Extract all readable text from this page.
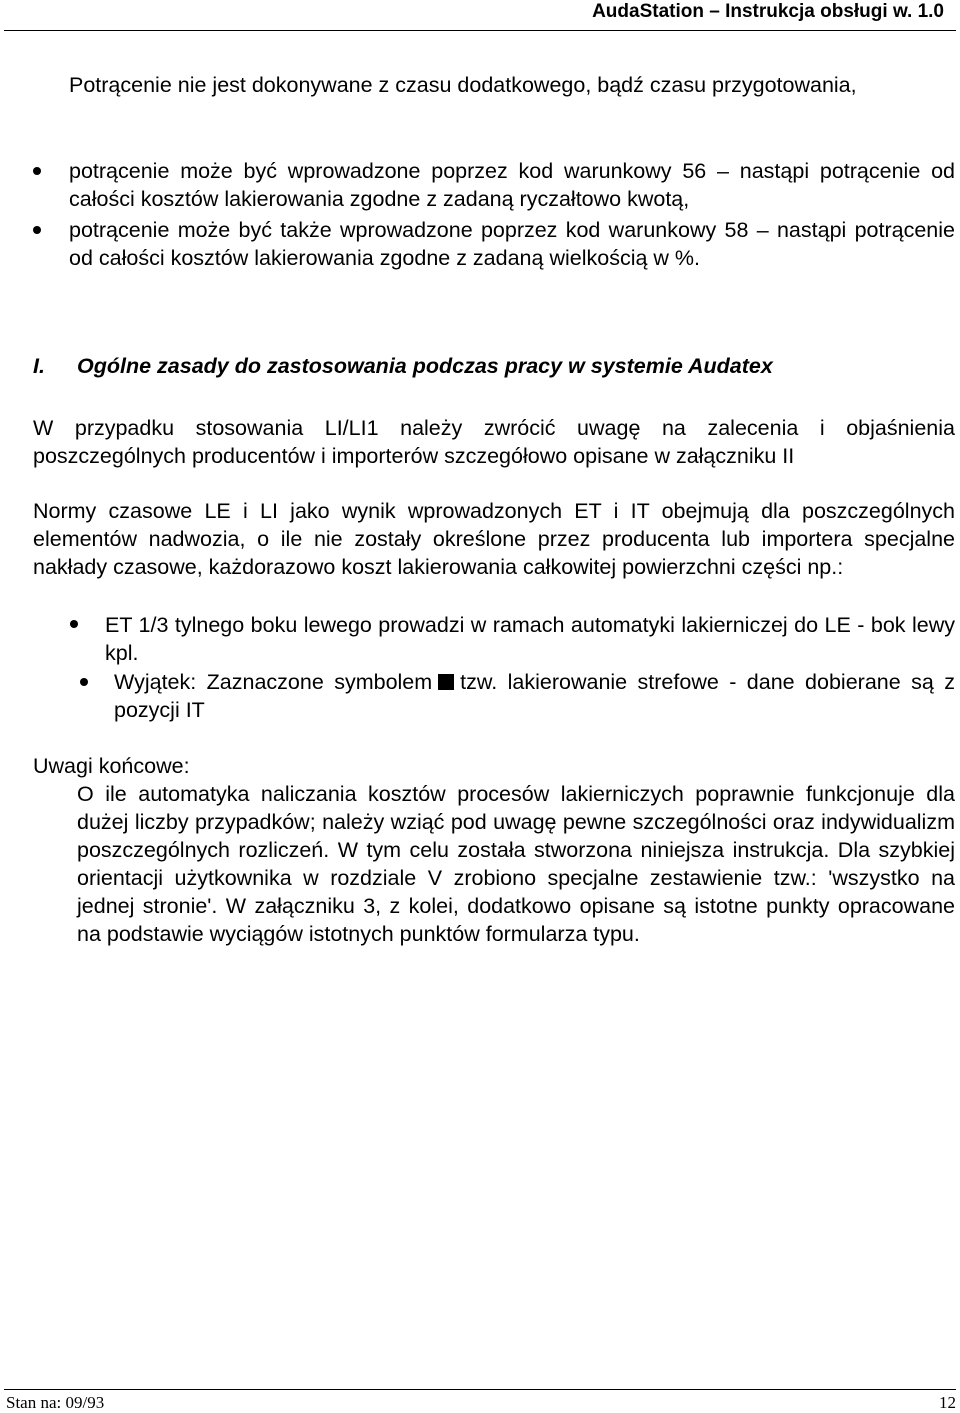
AudaStation – Instrukcja obsługi w. 1.0
Potrącenie nie jest dokonywane z czasu dodatkowego, bądź czasu przygotowania,
potrącenie może być wprowadzone poprzez kod warunkowy 56 – nastąpi potrącenie od całości kosztów lakierowania zgodne z zadaną ryczałtowo kwotą,
potrącenie może być także wprowadzone poprzez kod warunkowy 58 – nastąpi potrącenie od całości kosztów lakierowania zgodne z zadaną wielkością w %.
I. Ogólne zasady do zastosowania podczas pracy w systemie Audatex
W przypadku stosowania LI/LI1 należy zwrócić uwagę na zalecenia i objaśnienia poszczególnych producentów i importerów szczegółowo opisane w załączniku II
Normy czasowe LE i LI jako wynik wprowadzonych ET i IT obejmują dla poszczególnych elementów nadwozia, o ile nie zostały określone przez producenta lub importera specjalne nakłady czasowe, każdorazowo koszt lakierowania całkowitej powierzchni części np.:
ET 1/3 tylnego boku lewego prowadzi w ramach automatyki lakierniczej do LE - bok lewy kpl.
Wyjątek: Zaznaczone symbolem tzw. lakierowanie strefowe - dane dobierane są z pozycji IT
Uwagi końcowe:
O ile automatyka naliczania kosztów procesów lakierniczych poprawnie funkcjonuje dla dużej liczby przypadków; należy wziąć pod uwagę pewne szczególności oraz indywidualizm poszczególnych rozliczeń. W tym celu została stworzona niniejsza instrukcja. Dla szybkiej orientacji użytkownika w rozdziale V zrobiono specjalne zestawienie tzw.: 'wszystko na jednej stronie'. W załączniku 3, z kolei, dodatkowo opisane są istotne punkty opracowane na podstawie wyciągów istotnych punktów formularza typu.
Stan na: 09/93	12
